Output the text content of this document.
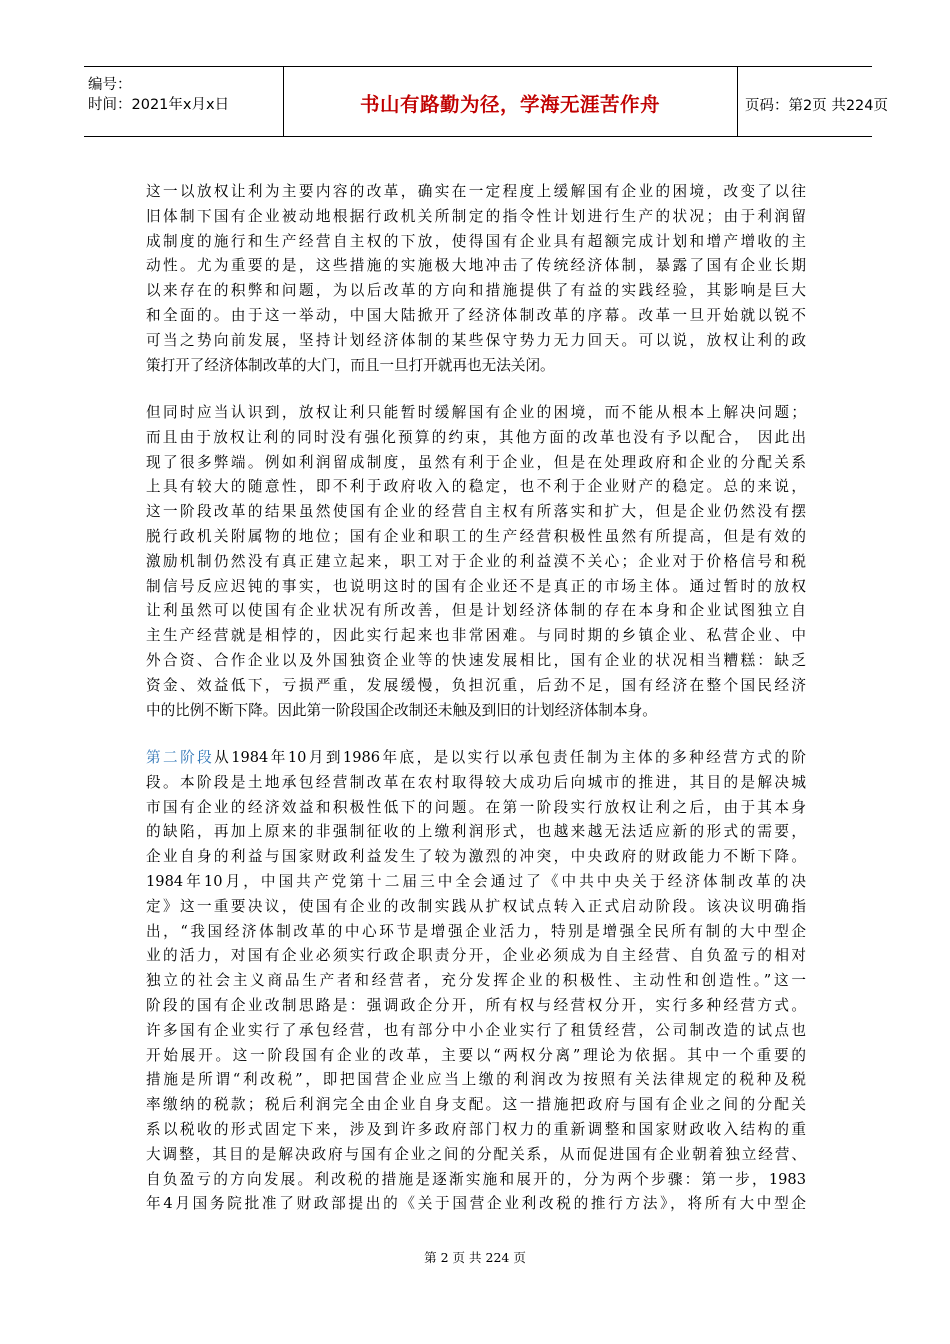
编号：
时间：2021年x月x日	书山有路勤为径，学海无涯苦作舟	页码：第2页 共224页
这一以放权让利为主要内容的改革，确实在一定程度上缓解国有企业的困境，改变了以往
旧体制下国有企业被动地根据行政机关所制定的指令性计划进行生产的状况；由于利润留
成制度的施行和生产经营自主权的下放，使得国有企业具有超额完成计划和增产增收的主
动性。尤为重要的是，这些措施的实施极大地冲击了传统经济体制，暴露了国有企业长期
以来存在的积弊和问题，为以后改革的方向和措施提供了有益的实践经验，其影响是巨大
和全面的。由于这一举动，中国大陆掀开了经济体制改革的序幕。改革一旦开始就以锐不
可当之势向前发展，坚持计划经济体制的某些保守势力无力回天。可以说，放权让利的政
策打开了经济体制改革的大门，而且一旦打开就再也无法关闭。
但同时应当认识到，放权让利只能暂时缓解国有企业的困境，而不能从根本上解决问题；
而且由于放权让利的同时没有强化预算的约束，其他方面的改革也没有予以配合， 因此出
现了很多弊端。例如利润留成制度，虽然有利于企业，但是在处理政府和企业的分配关系
上具有较大的随意性，即不利于政府收入的稳定，也不利于企业财产的稳定。总的来说，
这一阶段改革的结果虽然使国有企业的经营自主权有所落实和扩大，但是企业仍然没有摆
脱行政机关附属物的地位；国有企业和职工的生产经营积极性虽然有所提高，但是有效的
激励机制仍然没有真正建立起来，职工对于企业的利益漠不关心；企业对于价格信号和税
制信号反应迟钝的事实，也说明这时的国有企业还不是真正的市场主体。通过暂时的放权
让利虽然可以使国有企业状况有所改善，但是计划经济体制的存在本身和企业试图独立自
主生产经营就是相悖的，因此实行起来也非常困难。与同时期的乡镇企业、私营企业、中
外合资、合作企业以及外国独资企业等的快速发展相比，国有企业的状况相当糟糕：缺乏
资金、效益低下，亏损严重，发展缓慢，负担沉重，后劲不足，国有经济在整个国民经济
中的比例不断下降。因此第一阶段国企改制还未触及到旧的计划经济体制本身。
第二阶段从1984年10月到1986年底，是以实行以承包责任制为主体的多种经营方式的阶
段。本阶段是土地承包经营制改革在农村取得较大成功后向城市的推进，其目的是解决城
市国有企业的经济效益和积极性低下的问题。在第一阶段实行放权让利之后，由于其本身
的缺陷，再加上原来的非强制征收的上缴利润形式，也越来越无法适应新的形式的需要，
企业自身的利益与国家财政利益发生了较为激烈的冲突，中央政府的财政能力不断下降。
1984年10月，中国共产党第十二届三中全会通过了《中共中央关于经济体制改革的决
定》这一重要决议，使国有企业的改制实践从扩权试点转入正式启动阶段。该决议明确指
出，“我国经济体制改革的中心环节是增强企业活力，特别是增强全民所有制的大中型企
业的活力，对国有企业必须实行政企职责分开，企业必须成为自主经营、自负盈亏的相对
独立的社会主义商品生产者和经营者，充分发挥企业的积极性、主动性和创造性。”这一
阶段的国有企业改制思路是：强调政企分开，所有权与经营权分开，实行多种经营方式。
许多国有企业实行了承包经营，也有部分中小企业实行了租赁经营，公司制改造的试点也
开始展开。这一阶段国有企业的改革，主要以“两权分离”理论为依据。其中一个重要的
措施是所谓“利改税”，即把国营企业应当上缴的利润改为按照有关法律规定的税种及税
率缴纳的税款；税后利润完全由企业自身支配。这一措施把政府与国有企业之间的分配关
系以税收的形式固定下来，涉及到许多政府部门权力的重新调整和国家财政收入结构的重
大调整，其目的是解决政府与国有企业之间的分配关系，从而促进国有企业朝着独立经营、
自负盈亏的方向发展。利改税的措施是逐渐实施和展开的，分为两个步骤：第一步，1983
年4月国务院批准了财政部提出的《关于国营企业利改税的推行方法》，将所有大中型企
第 2 页 共 224 页
